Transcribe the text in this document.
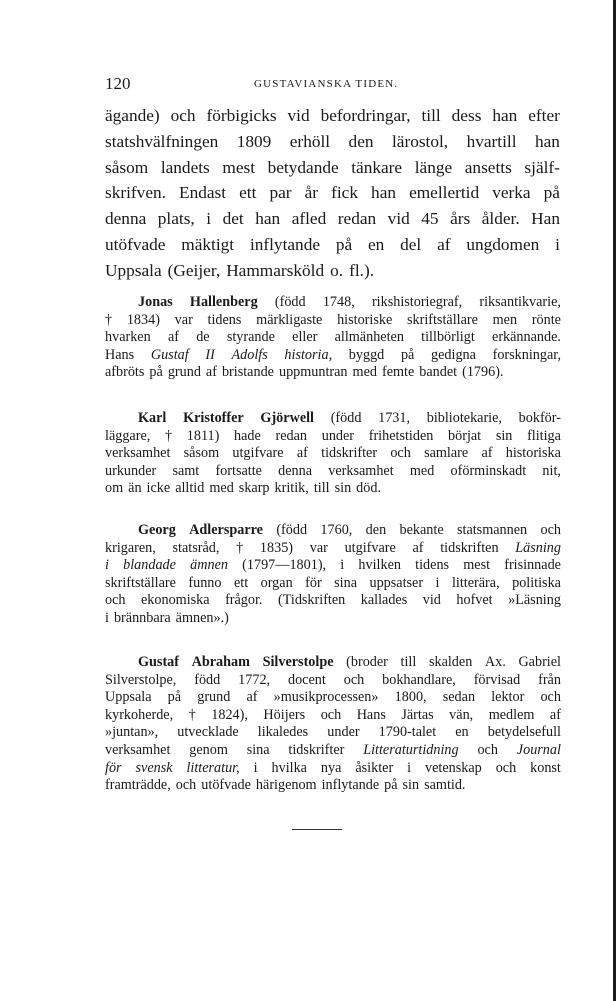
120	GUSTAVIANSKA TIDEN.
ägande) och förbigicks vid befordringar, till dess han efter
statshvälfningen 1809 erhöll den lärostol, hvartill han
såsom landets mest betydande tänkare länge ansetts själf-
skrifven. Endast ett par år fick han emellertid verka på
denna plats, i det han afled redan vid 45 års ålder. Han
utöfvade mäktigt inflytande på en del af ungdomen i
Uppsala (Geijer, Hammarsköld o. fl.).
Jonas Hallenberg (född 1748, rikshistoriegraf, riksantikvarie,
† 1834) var tidens märkligaste historiske skriftställare men rönte
hvarken af de styrande eller allmänheten tillbörligt erkännande.
Hans Gustaf II Adolfs historia, byggd på gedigna forskningar,
afbröts på grund af bristande uppmuntran med femte bandet (1796).
Karl Kristoffer Gjörwell (född 1731, bibliotekarie, bokför-
läggare, † 1811) hade redan under frihetstiden börjat sin flitiga
verksamhet såsom utgifvare af tidskrifter och samlare af historiska
urkunder samt fortsatte denna verksamhet med oförminskadt nit,
om än icke alltid med skarp kritik, till sin död.
Georg Adlersparre (född 1760, den bekante statsmannen och
krigaren, statsråd, † 1835) var utgifvare af tidskriften Läsning
i blandade ämnen (1797—1801), i hvilken tidens mest frisinnade
skriftställare funno ett organ för sina uppsatser i litterära, politiska
och ekonomiska frågor. (Tidskriften kallades vid hofvet »Läsning
i brännbara ämnen».)
Gustaf Abraham Silverstolpe (broder till skalden Ax. Gabriel
Silverstolpe, född 1772, docent och bokhandlare, förvisad från
Uppsala på grund af »musikprocessen» 1800, sedan lektor och
kyrkoherde, † 1824), Höijers och Hans Järtas vän, medlem af
»juntan», utvecklade likaledes under 1790-talet en betydelsefull
verksamhet genom sina tidskrifter Litteraturtidning och Journal
för svensk litteratur, i hvilka nya åsikter i vetenskap och konst
framträdde, och utöfvade härigenom inflytande på sin samtid.
